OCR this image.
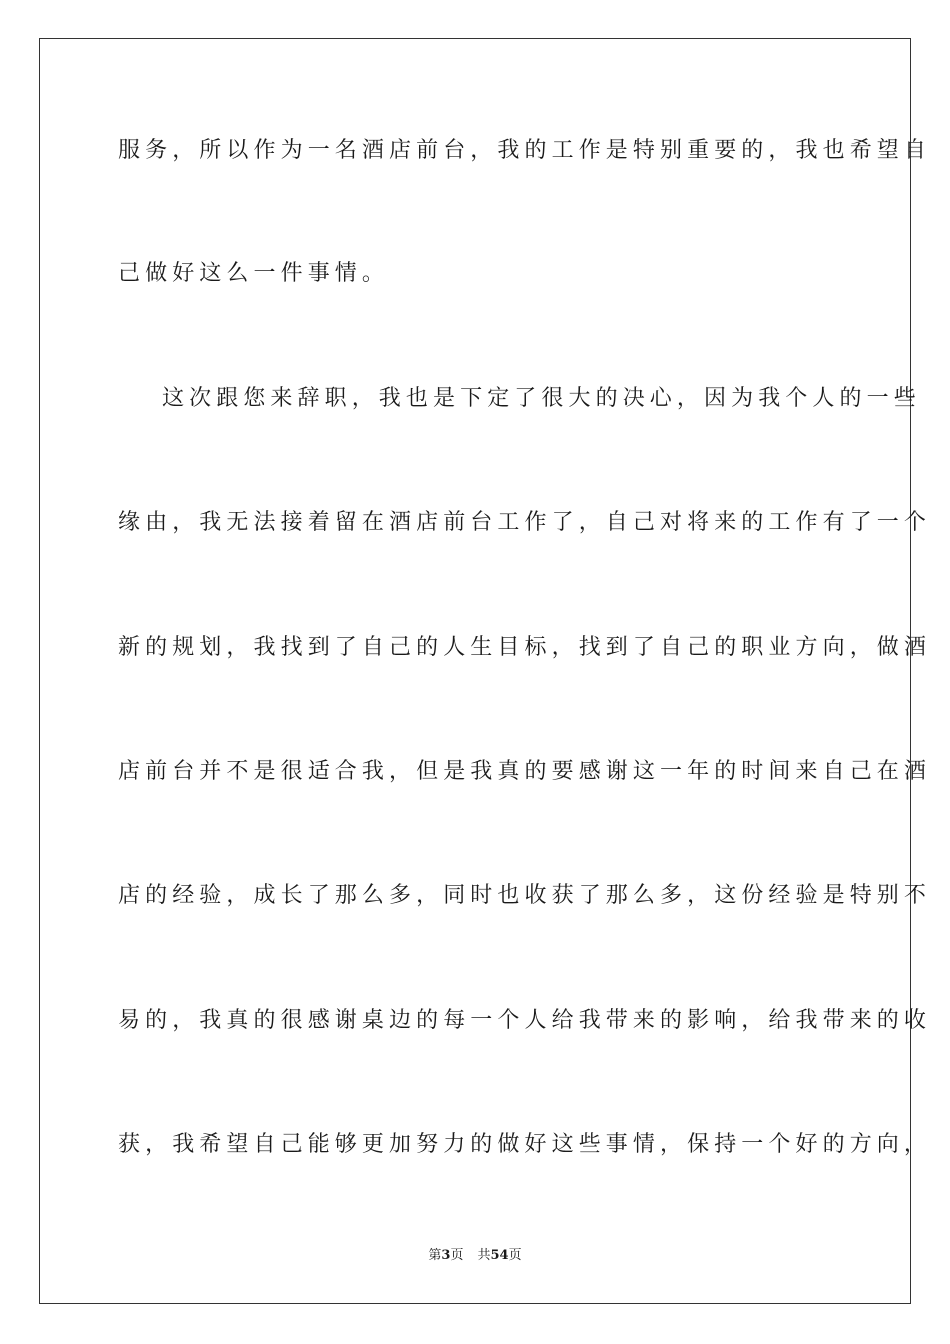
服务，所以作为一名酒店前台，我的工作是特别重要的，我也希望自
己做好这么一件事情。
这次跟您来辞职，我也是下定了很大的决心，因为我个人的一些
缘由，我无法接着留在酒店前台工作了，自己对将来的工作有了一个
新的规划，我找到了自己的人生目标，找到了自己的职业方向，做酒
店前台并不是很适合我，但是我真的要感谢这一年的时间来自己在酒
店的经验，成长了那么多，同时也收获了那么多，这份经验是特别不
易的，我真的很感谢桌边的每一个人给我带来的影响，给我带来的收
获，我希望自己能够更加努力的做好这些事情，保持一个好的方向，
第3页 共54页
